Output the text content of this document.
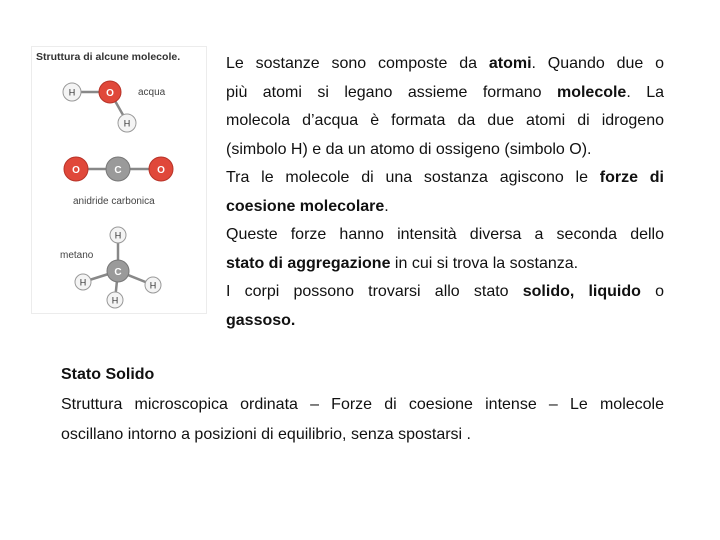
Struttura di alcune molecole.
H	O
H
acqua
O	C	O
anidride carbonica
H
H	H
C
H
metano
Le sostanze sono composte da atomi. Quando due o
più atomi si legano assieme formano molecole. La
molecola d’acqua è formata da due atomi di idrogeno
(simbolo H) e da un atomo di ossigeno (simbolo O).
Tra le molecole di una sostanza agiscono le forze di
coesione molecolare.
Queste forze hanno intensità diversa a seconda dello
stato di aggregazione in cui si trova la sostanza.
I corpi possono trovarsi allo stato solido, liquido o
gassoso.
Stato Solido
Struttura microscopica ordinata – Forze di coesione intense – Le molecole
oscillano intorno a posizioni di equilibrio, senza spostarsi .
